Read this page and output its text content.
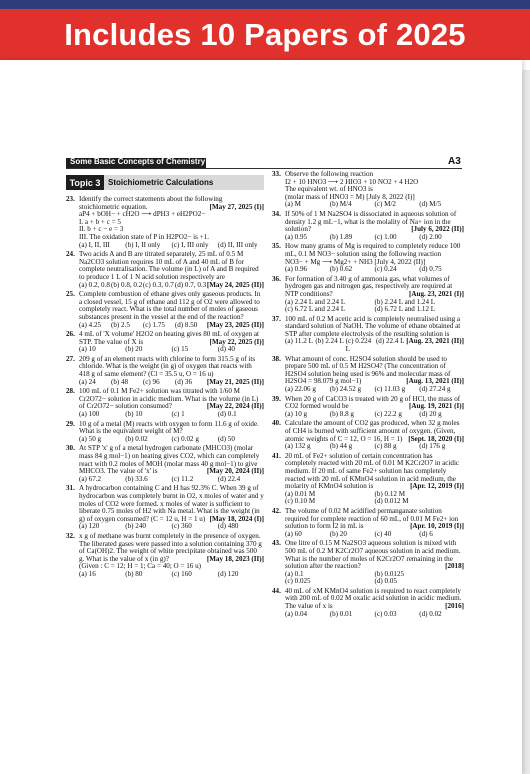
Includes 10 Papers of 2025
Some Basic Concepts of Chemistry	A3
Topic 3 Stoichiometric Calculations
23. Identify the correct statements about the following stoichiometric equation.	[May 27, 2025 (I)]
aP4 + bOH− + cH2O ⟶ dPH3 + eH2PO2−
I. a + b + c = 5
II. b + c − e = 3
III. The oxidation state of P in H2PO2− is +1.
(a) I, II, III	(b) I, II only	(c) I, III only	(d) II, III only
24. Two acids A and B are titrated separately, 25 mL of 0.5 M Na2CO3 solution requires 10 mL of A and 40 mL of B for complete neutralisation. The volume (in L) of A and B required to produce 1 L of 1 N acid solution respectively are
[May 24, 2025 (II)]
(a) 0.2, 0.8 (b) 0.8, 0.2 (c) 0.3, 0.7 (d) 0.7, 0.3
25. Complete combustion of ethane gives only gaseous products. In a closed vessel, 15 g of ethane and 112 g of O2 were allowed to completely react. What is the total number of moles of gaseous substances present in the vessel at the end of the reaction?
[May 23, 2025 (II)]
(a) 4.25	(b) 2.5	(c) 1.75	(d) 8.50
26. 4 mL of 'X volume' H2O2 on heating gives 80 mL of oxygen at STP. The value of X is	[May 22, 2025 (I)]
(a) 10	(b) 20	(c) 15	(d) 40
27. 209 g of an element reacts with chlorine to form 315.5 g of its chloride. What is the weight (in g) of oxygen that reacts with 418 g of same element? (Cl = 35.5 u, O = 16 u)
[May 21, 2025 (II)]
(a) 24	(b) 48	(c) 96	(d) 36
28. 100 mL of 0.1 M Fe2+ solution was titrated with 1/60 M Cr2O72− solution in acidic medium. What is the volume (in L) of Cr2O72− solution consumed?	[May 22, 2024 (II)]
(a) 100	(b) 10	(c) 1	(d) 0.1
29. 10 g of a metal (M) reacts with oxygen to form 11.6 g of oxide. What is the equivalent weight of M?
(a) 50 g	(b) 0.02	(c) 0.02 g	(d) 50
30. At STP 'x' g of a metal hydrogen carbonate (MHCO3) (molar mass 84 g mol−1) on heating gives CO2, which can completely react with 0.2 moles of MOH (molar mass 40 g mol−1) to give MHCO3. The value of 'x' is	[May 20, 2024 (II)]
(a) 67.2	(b) 33.6	(c) 11.2	(d) 22.4
31. A hydrocarbon containing C and H has 92.3% C. When 39 g of hydrocarbon was completely burnt in O2, x moles of water and y moles of CO2 were formed. x moles of water is sufficient to liberate 0.75 moles of H2 with Na metal. What is the weight (in g) of oxygen consumed? (C = 12 u, H = 1 u) [May 18, 2024 (I)]
(a) 120	(b) 240	(c) 360	(d) 480
32. x g of methane was burnt completely in the presence of oxygen. The liberated gases were passed into a solution containing 370 g of Ca(OH)2. The weight of white precipitate obtained was 500 g. What is the value of x (in g)?	[May 18, 2023 (II)]
(Given : C = 12; H = 1; Ca = 40; O = 16 u)
(a) 16	(b) 80	(c) 160	(d) 120
33. Observe the following reaction
I2 + 10 HNO3 ⟶ 2 HIO3 + 10 NO2 + 4 H2O
The equivalent wt. of HNO3 is
(molar mass of HNO3 = M) [July 8, 2022 (I)]
(a) M	(b) M/4	(c) M/2	(d) M/5
34. If 50% of 1 M Na2SO4 is dissociated in aqueous solution of density 1.2 g mL−1, what is the molality of Na+ ion in the solution?	[July 6, 2022 (II)]
(a) 0.95	(b) 1.89	(c) 1.00	(d) 2.00
35. How many grams of Mg is required to completely reduce 100 mL, 0.1 M NO3− solution using the following reaction
NO3− + Mg ⟶ Mg2+ + NH3 [July 4, 2022 (II)]
(a) 0.96	(b) 0.62	(c) 0.24	(d) 0.75
36. For formation of 3.40 g of ammonia gas, what volumes of hydrogen gas and nitrogen gas, respectively are required at NTP conditions?	[Aug. 23, 2021 (I)]
(a) 2.24 L and 2.24 L	(b) 2.24 L and 1.24 L
(c) 6.72 L and 2.24 L	(d) 6.72 L and 1.12 L
37. 100 mL of 0.2 M acetic acid is completely neutralised using a standard solution of NaOH. The volume of ethane obtained at STP after complete electrolysis of the resulting solution is
[Aug. 23, 2021 (II)]
(a) 11.2 L (b) 2.24 L (c) 0.224 L
(d) 22.4 L
38. What amount of conc. H2SO4 solution should be used to prepare 500 mL of 0.5 M H2SO4? (The concentration of H2SO4 solution being used is 96% and molecular mass of H2SO4 = 98.079 g mol−1)	[Aug. 13, 2021 (II)]
(a) 22.06 g	(b) 24.52 g	(c) 11.03 g	(d) 27.24 g
39. When 20 g of CaCO3 is treated with 20 g of HCl, the mass of CO2 formed would be	[Aug. 19, 2021 (I)]
(a) 10 g	(b) 8.8 g	(c) 22.2 g	(d) 20 g
40. Calculate the amount of CO2 gas produced, when 32 g moles of CH4 is burned with sufficient amount of oxygen. (Given, atomic weights of C = 12, O = 16, H = 1) [Sept. 18, 2020 (I)]
(a) 132 g	(b) 44 g	(c) 88 g	(d) 176 g
41. 20 mL of Fe2+ solution of certain concentration has completely reacted with 20 mL of 0.01 M K2Cr2O7 in acidic medium. If 20 mL of same Fe2+ solution has completely reacted with 20 mL of KMnO4 solution in acid medium, the molarity of KMnO4 solution is	[Apr. 12, 2019 (I)]
(a) 0.01 M	(b) 0.12 M
(c) 0.10 M	(d) 0.012 M
42. The volume of 0.02 M acidified permanganate solution required for complete reaction of 60 mL, of 0.01 M Fe2+ ion solution to form I2 in mL is	[Apr. 10, 2019 (I)]
(a) 60	(b) 20	(c) 40	(d) 6
43. One litre of 0.15 M Na2SO3 aqueous solution is mixed with 500 mL of 0.2 M K2Cr2O7 aqueous solution in acid medium. What is the number of moles of K2Cr2O7 remaining in the solution after the reaction?	[2018]
(a) 0.1	(b) 0.0125
(c) 0.025	(d) 0.05
44. 40 mL of xM KMnO4 solution is required to react completely with 200 mL of 0.02 M oxalic acid solution in acidic medium. The value of x is	[2016]
(a) 0.04	(b) 0.01	(c) 0.03	(d) 0.02
